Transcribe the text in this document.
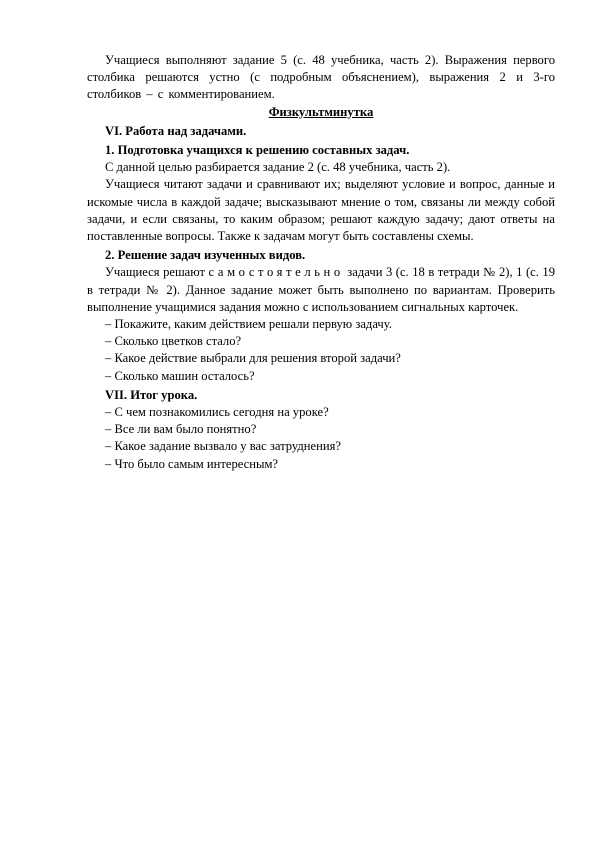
Учащиеся выполняют задание 5 (с. 48 учебника, часть 2). Выражения первого столбика решаются устно (с подробным объяснением), выражения 2 и 3-го столбиков – с комментированием.

Физкультминутка

VI. Работа над задачами.

1. Подготовка учащихся к решению составных задач.

С данной целью разбирается задание 2 (с. 48 учебника, часть 2).

Учащиеся читают задачи и сравнивают их; выделяют условие и вопрос, данные и искомые числа в каждой задаче; высказывают мнение о том, связаны ли между собой задачи, и если связаны, то каким образом; решают каждую задачу; дают ответы на поставленные вопросы. Также к задачам могут быть составлены схемы.

2. Решение задач изученных видов.

Учащиеся решают самостоятельно задачи 3 (с. 18 в тетради № 2), 1 (с. 19 в тетради № 2). Данное задание может быть выполнено по вариантам. Проверить выполнение учащимися задания можно с использованием сигнальных карточек.

– Покажите, каким действием решали первую задачу.

– Сколько цветков стало?

– Какое действие выбрали для решения второй задачи?

– Сколько машин осталось?

VII. Итог урока.

– С чем познакомились сегодня на уроке?

– Все ли вам было понятно?

– Какое задание вызвало у вас затруднения?

– Что было самым интересным?
